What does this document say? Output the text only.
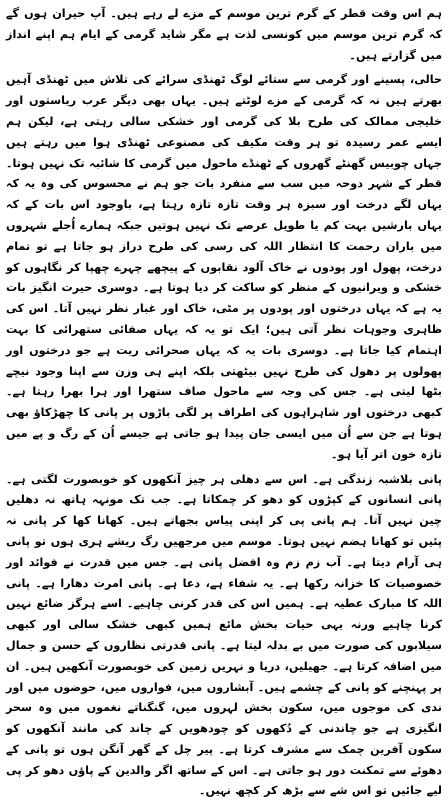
ہم اس وقت قطر کے گرم ترین موسم کے مزے لے رہے ہیں۔ آپ حیران ہوں گے کہ گرم ترین موسم میں کونسی لذت ہے مگر شاید گرمی کے ایام ہم اپنے انداز میں گزارتے ہیں۔

حالی، پسینے اور گرمی سے ستائے لوگ ٹھنڈی سرائے کی تلاش میں ٹھنڈی آہیں بھرتے ہیں نہ کہ گرمی کے مزے لوٹتے ہیں۔ یہاں بھی دیگر عرب ریاستوں اور خلیجی ممالک کی طرح بلا کی گرمی اور خشکی سالی رہتی ہے، لیکن ہم ایسے عمر رسیدہ تو ہر وقت مکیف کی مصنوعی ٹھنڈی ہوا میں رہتے ہیں جہاں چوبیس گھنٹے گھروں کے ٹھنڈے ماحول میں گرمی کا شائبہ تک نہیں ہوتا۔ قطر کے شہر دوحہ میں سب سے منفرد بات جو ہم نے محسوس کی وہ یہ کہ یہاں لگے درخت اور سبزہ ہر وقت تازہ تازہ رہتا ہے، باوجود اس بات کے کہ یہاں بارشیں بہت کم یا طویل عرصے تک نہیں ہوتیں جبکہ ہمارے اُجلے شہروں میں باران رحمت کا انتظار اللہ کی رسی کی طرح دراز ہو جاتا ہے تو تمام درخت، پھول اور پودوں نے خاک آلود نقابوں کے پیچھے چہرے چھپا کر نگاہوں کو خشکی و ویرانیوں کے منظر کو ساکت کر دیا ہوتا ہے۔ دوسری حیرت انگیز بات یہ ہے کہ یہاں درختوں اور پودوں پر مٹی، خاک اور غبار نظر نہیں آتا۔ اس کی ظاہری وجوہات نظر آتی ہیں؛ ایک تو یہ کہ یہاں صفائی ستھرائی کا بہت اہتمام کیا جاتا ہے۔ دوسری بات یہ کہ یہاں صحرائی ریت ہے جو درختوں اور پھولوں پر دھول کی طرح نہیں بیٹھتی بلکہ اپنے ہی وزن سے اپنا وجود نیچے بٹھا لیتی ہے۔ جس کی وجہ سے ماحول صاف ستھرا اور ہرا بھرا رہتا ہے۔ کبھی درختوں اور شاہراہوں کی اطراف پر لگی باڑوں پر پانی کا چھڑکاؤ بھی ہوتا ہے جن سے اُن میں ایسی جان پیدا ہو جاتی ہے جیسے اُن کے رگ و پے میں تازہ خون اتر آیا ہو۔

پانی بلاشبہ زندگی ہے۔ اس سے دھلی ہر چیز آنکھوں کو خوبصورت لگتی ہے۔ پانی انسانوں کے کپڑوں کو دھو کر چمکاتا ہے۔ جب تک مونہہ ہاتھ نہ دھلیں چین نہیں آتا۔ ہم پانی پی کر اپنی پیاس بجھاتے ہیں۔ کھانا کھا کر پانی نہ پئیں تو کھانا ہضم نہیں ہوتا۔ موسم میں مرجھیں رگ ریشے ہری ہوں تو پانی ہی آرام دیتا ہے۔ آب زم زم وہ افضل پانی ہے۔ جس میں قدرت نے فوائد اور خصوصیات کا خزانہ رکھا ہے۔ یہ شفاء ہے، دعا ہے۔ پانی امرت دھارا ہے۔ پانی اللہ کا مبارک عطیہ ہے۔ ہمیں اس کی قدر کرنی چاہیے۔ اسے ہرگز ضائع نہیں کرنا چاہیے ورنہ یہی حیات بخش مائع ہمیں کبھی خشک سالی اور کبھی سیلابوں کی صورت میں بے بدلہ لیتا ہے۔ پانی قدرتی نظاروں کے حسن و جمال میں اضافہ کرتا ہے۔ جھیلیں، دریا و نہریں زمین کی خوبصورت آنکھیں ہیں۔ ان پر پہنچنے کو پانی کے چشمے ہیں۔ آبشاروں میں، فواروں میں، حوضوں میں اور ندی کی موجوں میں، سکون بخش لہروں میں، گنگناتے نغموں میں وہ سحر انگیزی ہے جو چاندنی کے دُکھوں کو چودھویں کے چاند کی مانند آنکھوں کو سکون آفرین چمک سے مشرف کرتا ہے۔ پیر چل کے گھر آنگن ہوں تو پانی کے دھوئے سے تمکنت دور ہو جاتی ہے۔ اس کے ساتھ اگر والدین کے پاؤں دھو کر پی لیے جائیں تو اس شے سے بڑھ کر کچھ نہیں۔
